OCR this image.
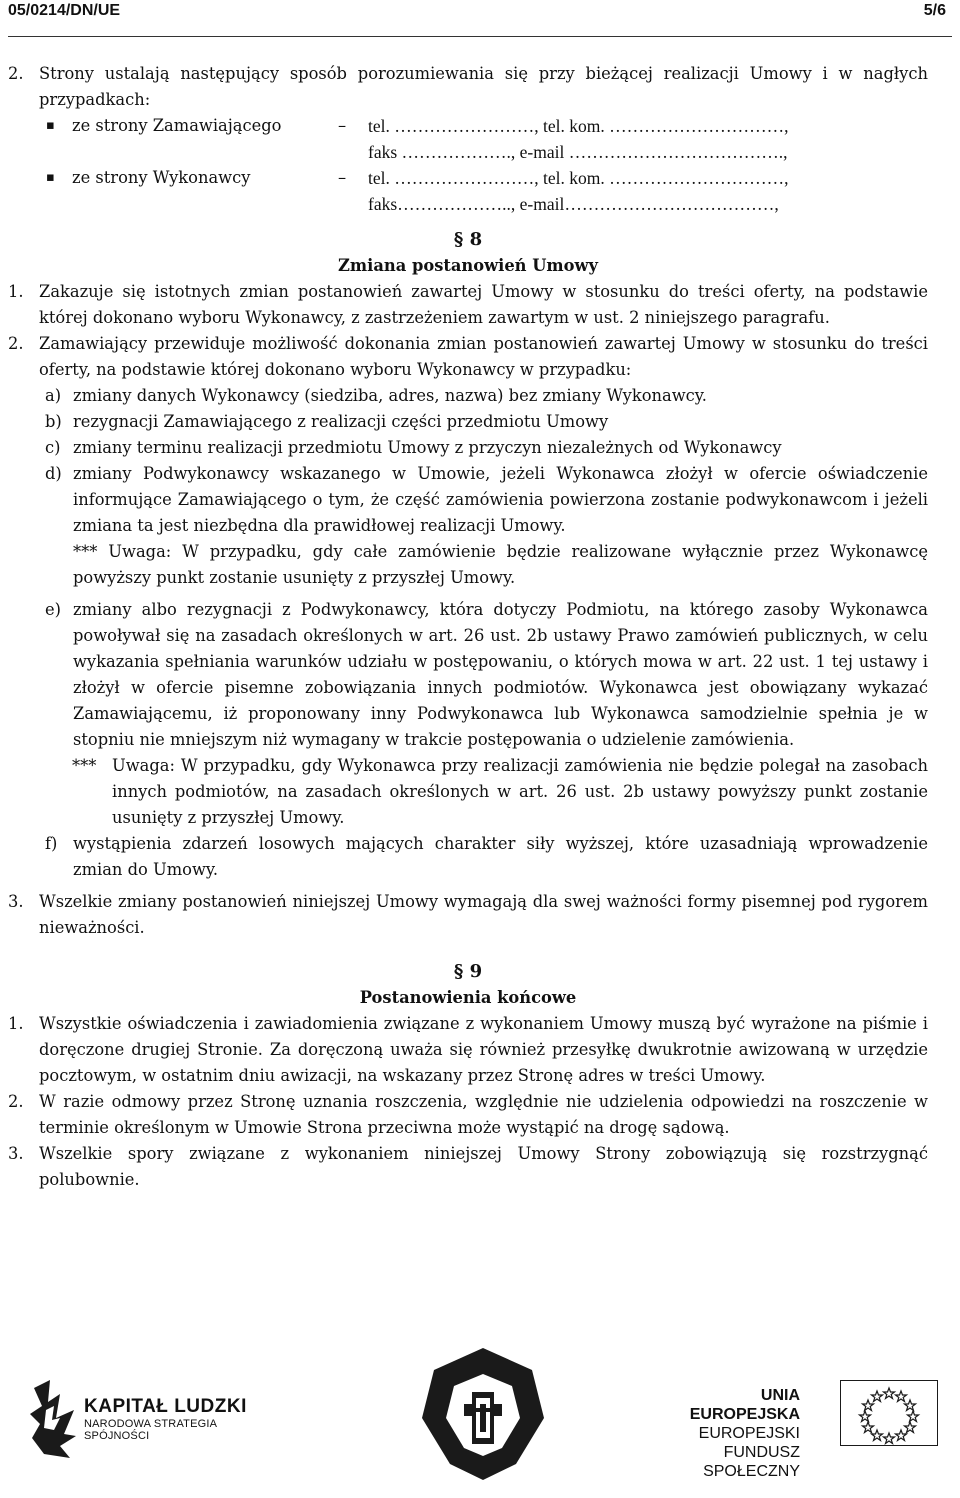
05/0214/DN/UE	5/6
2. Strony ustalają następujący sposób porozumiewania się przy bieżącej realizacji Umowy i w nagłych przypadkach:
▪ ze strony Zamawiającego	– tel. ……………………, tel. kom. …………………………,
faks ………………., e-mail ……………………………….,
▪ ze strony Wykonawcy	– tel. ……………………, tel. kom. …………………………,
faks……………….., e-mail………………………………,

§ 8

Zmiana postanowień Umowy

1. Zakazuje się istotnych zmian postanowień zawartej Umowy w stosunku do treści oferty, na podstawie której dokonano wyboru Wykonawcy, z zastrzeżeniem zawartym w ust. 2 niniejszego paragrafu.
2. Zamawiający przewiduje możliwość dokonania zmian postanowień zawartej Umowy w stosunku do treści oferty, na podstawie której dokonano wyboru Wykonawcy w przypadku:
a) zmiany danych Wykonawcy (siedziba, adres, nazwa) bez zmiany Wykonawcy.
b) rezygnacji Zamawiającego z realizacji części przedmiotu Umowy
c) zmiany terminu realizacji przedmiotu Umowy z przyczyn niezależnych od Wykonawcy
d) zmiany Podwykonawcy wskazanego w Umowie, jeżeli Wykonawca złożył w ofercie oświadczenie informujące Zamawiającego o tym, że część zamówienia powierzona zostanie podwykonawcom i jeżeli zmiana ta jest niezbędna dla prawidłowej realizacji Umowy.
*** Uwaga: W przypadku, gdy całe zamówienie będzie realizowane wyłącznie przez Wykonawcę powyższy punkt zostanie usunięty z przyszłej Umowy.
e) zmiany albo rezygnacji z Podwykonawcy, która dotyczy Podmiotu, na którego zasoby Wykonawca powoływał się na zasadach określonych w art. 26 ust. 2b ustawy Prawo zamówień publicznych, w celu wykazania spełniania warunków udziału w postępowaniu, o których mowa w art. 22 ust. 1 tej ustawy i złożył w ofercie pisemne zobowiązania innych podmiotów. Wykonawca jest obowiązany wykazać Zamawiającemu, iż proponowany inny Podwykonawca lub Wykonawca samodzielnie spełnia je w stopniu nie mniejszym niż wymagany w trakcie postępowania o udzielenie zamówienia.
*** Uwaga: W przypadku, gdy Wykonawca przy realizacji zamówienia nie będzie polegał na zasobach innych podmiotów, na zasadach określonych w art. 26 ust. 2b ustawy powyższy punkt zostanie usunięty z przyszłej Umowy.
f) wystąpienia zdarzeń losowych mających charakter siły wyższej, które uzasadniają wprowadzenie zmian do Umowy.
3. Wszelkie zmiany postanowień niniejszej Umowy wymagają dla swej ważności formy pisemnej pod rygorem nieważności.

§ 9

Postanowienia końcowe

1. Wszystkie oświadczenia i zawiadomienia związane z wykonaniem Umowy muszą być wyrażone na piśmie i doręczone drugiej Stronie. Za doręczoną uważa się również przesyłkę dwukrotnie awizowaną w urzędzie pocztowym, w ostatnim dniu awizacji, na wskazany przez Stronę adres w treści Umowy.
2. W razie odmowy przez Stronę uznania roszczenia, względnie nie udzielenia odpowiedzi na roszczenie w terminie określonym w Umowie Strona przeciwna może wystąpić na drogę sądową.
3. Wszelkie spory związane z wykonaniem niniejszej Umowy Strony zobowiązują się rozstrzygnąć polubownie.
KAPITAŁ LUDZKI
NARODOWA STRATEGIA SPÓJNOŚCI
UNIA EUROPEJSKA
EUROPEJSKI
FUNDUSZ SPOŁECZNY
